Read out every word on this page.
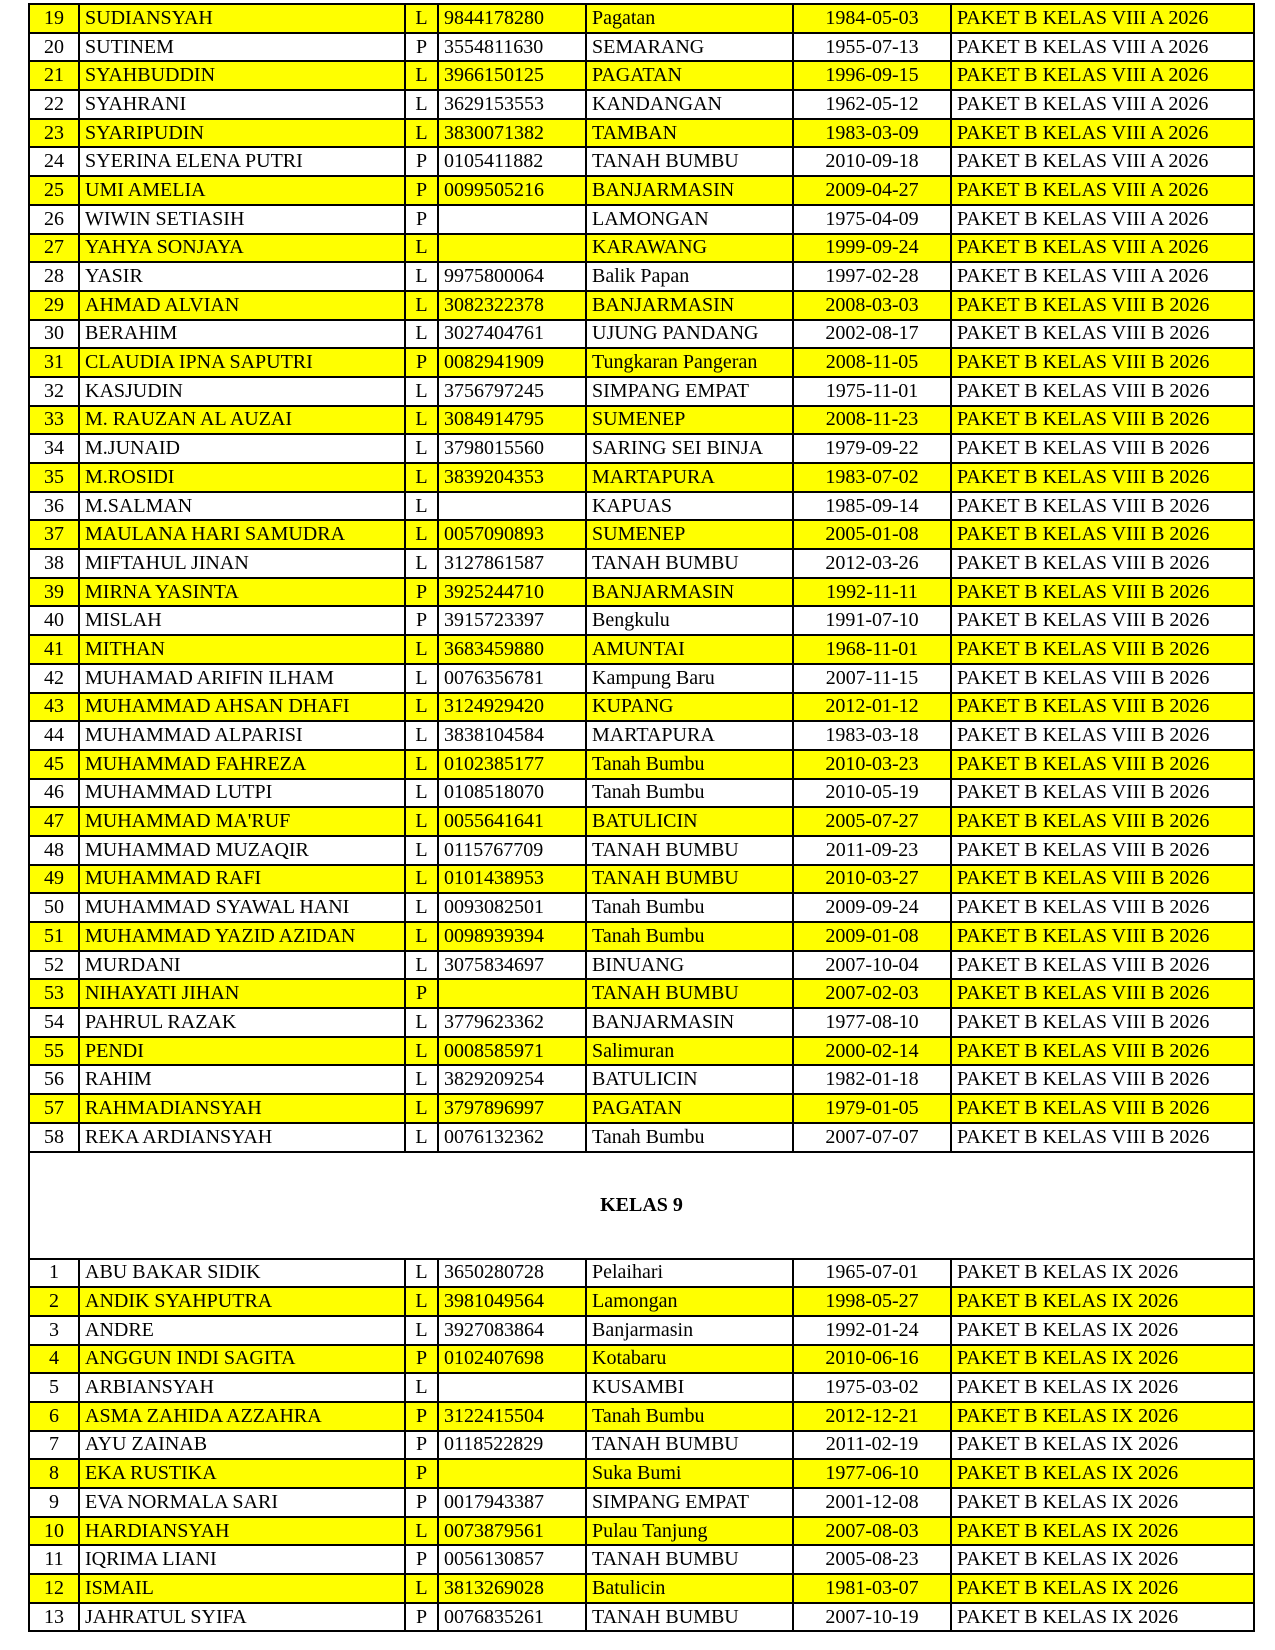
19	SUDIANSYAH	L	9844178280	Pagatan	1984-05-03	PAKET B KELAS VIII A 2026
20	SUTINEM	P	3554811630	SEMARANG	1955-07-13	PAKET B KELAS VIII A 2026
21	SYAHBUDDIN	L	3966150125	PAGATAN	1996-09-15	PAKET B KELAS VIII A 2026
22	SYAHRANI	L	3629153553	KANDANGAN	1962-05-12	PAKET B KELAS VIII A 2026
23	SYARIPUDIN	L	3830071382	TAMBAN	1983-03-09	PAKET B KELAS VIII A 2026
24	SYERINA ELENA PUTRI	P	0105411882	TANAH BUMBU	2010-09-18	PAKET B KELAS VIII A 2026
25	UMI AMELIA	P	0099505216	BANJARMASIN	2009-04-27	PAKET B KELAS VIII A 2026
26	WIWIN SETIASIH	P		LAMONGAN	1975-04-09	PAKET B KELAS VIII A 2026
27	YAHYA SONJAYA	L		KARAWANG	1999-09-24	PAKET B KELAS VIII A 2026
28	YASIR	L	9975800064	Balik Papan	1997-02-28	PAKET B KELAS VIII A 2026
29	AHMAD ALVIAN	L	3082322378	BANJARMASIN	2008-03-03	PAKET B KELAS VIII B 2026
30	BERAHIM	L	3027404761	UJUNG PANDANG	2002-08-17	PAKET B KELAS VIII B 2026
31	CLAUDIA IPNA SAPUTRI	P	0082941909	Tungkaran Pangeran	2008-11-05	PAKET B KELAS VIII B 2026
32	KASJUDIN	L	3756797245	SIMPANG EMPAT	1975-11-01	PAKET B KELAS VIII B 2026
33	M. RAUZAN AL AUZAI	L	3084914795	SUMENEP	2008-11-23	PAKET B KELAS VIII B 2026
34	M.JUNAID	L	3798015560	SARING SEI BINJA	1979-09-22	PAKET B KELAS VIII B 2026
35	M.ROSIDI	L	3839204353	MARTAPURA	1983-07-02	PAKET B KELAS VIII B 2026
36	M.SALMAN	L		KAPUAS	1985-09-14	PAKET B KELAS VIII B 2026
37	MAULANA HARI SAMUDRA	L	0057090893	SUMENEP	2005-01-08	PAKET B KELAS VIII B 2026
38	MIFTAHUL JINAN	L	3127861587	TANAH BUMBU	2012-03-26	PAKET B KELAS VIII B 2026
39	MIRNA YASINTA	P	3925244710	BANJARMASIN	1992-11-11	PAKET B KELAS VIII B 2026
40	MISLAH	P	3915723397	Bengkulu	1991-07-10	PAKET B KELAS VIII B 2026
41	MITHAN	L	3683459880	AMUNTAI	1968-11-01	PAKET B KELAS VIII B 2026
42	MUHAMAD ARIFIN ILHAM	L	0076356781	Kampung Baru	2007-11-15	PAKET B KELAS VIII B 2026
43	MUHAMMAD AHSAN DHAFI	L	3124929420	KUPANG	2012-01-12	PAKET B KELAS VIII B 2026
44	MUHAMMAD ALPARISI	L	3838104584	MARTAPURA	1983-03-18	PAKET B KELAS VIII B 2026
45	MUHAMMAD FAHREZA	L	0102385177	Tanah Bumbu	2010-03-23	PAKET B KELAS VIII B 2026
46	MUHAMMAD LUTPI	L	0108518070	Tanah Bumbu	2010-05-19	PAKET B KELAS VIII B 2026
47	MUHAMMAD MA'RUF	L	0055641641	BATULICIN	2005-07-27	PAKET B KELAS VIII B 2026
48	MUHAMMAD MUZAQIR	L	0115767709	TANAH BUMBU	2011-09-23	PAKET B KELAS VIII B 2026
49	MUHAMMAD RAFI	L	0101438953	TANAH BUMBU	2010-03-27	PAKET B KELAS VIII B 2026
50	MUHAMMAD SYAWAL HANI	L	0093082501	Tanah Bumbu	2009-09-24	PAKET B KELAS VIII B 2026
51	MUHAMMAD YAZID AZIDAN	L	0098939394	Tanah Bumbu	2009-01-08	PAKET B KELAS VIII B 2026
52	MURDANI	L	3075834697	BINUANG	2007-10-04	PAKET B KELAS VIII B 2026
53	NIHAYATI JIHAN	P		TANAH BUMBU	2007-02-03	PAKET B KELAS VIII B 2026
54	PAHRUL RAZAK	L	3779623362	BANJARMASIN	1977-08-10	PAKET B KELAS VIII B 2026
55	PENDI	L	0008585971	Salimuran	2000-02-14	PAKET B KELAS VIII B 2026
56	RAHIM	L	3829209254	BATULICIN	1982-01-18	PAKET B KELAS VIII B 2026
57	RAHMADIANSYAH	L	3797896997	PAGATAN	1979-01-05	PAKET B KELAS VIII B 2026
58	REKA ARDIANSYAH	L	0076132362	Tanah Bumbu	2007-07-07	PAKET B KELAS VIII B 2026
KELAS 9						
1	ABU BAKAR SIDIK	L	3650280728	Pelaihari	1965-07-01	PAKET B KELAS IX 2026
2	ANDIK SYAHPUTRA	L	3981049564	Lamongan	1998-05-27	PAKET B KELAS IX 2026
3	ANDRE	L	3927083864	Banjarmasin	1992-01-24	PAKET B KELAS IX 2026
4	ANGGUN INDI SAGITA	P	0102407698	Kotabaru	2010-06-16	PAKET B KELAS IX 2026
5	ARBIANSYAH	L		KUSAMBI	1975-03-02	PAKET B KELAS IX 2026
6	ASMA ZAHIDA AZZAHRA	P	3122415504	Tanah Bumbu	2012-12-21	PAKET B KELAS IX 2026
7	AYU ZAINAB	P	0118522829	TANAH BUMBU	2011-02-19	PAKET B KELAS IX 2026
8	EKA RUSTIKA	P		Suka Bumi	1977-06-10	PAKET B KELAS IX 2026
9	EVA NORMALA SARI	P	0017943387	SIMPANG EMPAT	2001-12-08	PAKET B KELAS IX 2026
10	HARDIANSYAH	L	0073879561	Pulau Tanjung	2007-08-03	PAKET B KELAS IX 2026
11	IQRIMA LIANI	P	0056130857	TANAH BUMBU	2005-08-23	PAKET B KELAS IX 2026
12	ISMAIL	L	3813269028	Batulicin	1981-03-07	PAKET B KELAS IX 2026
13	JAHRATUL SYIFA	P	0076835261	TANAH BUMBU	2007-10-19	PAKET B KELAS IX 2026
